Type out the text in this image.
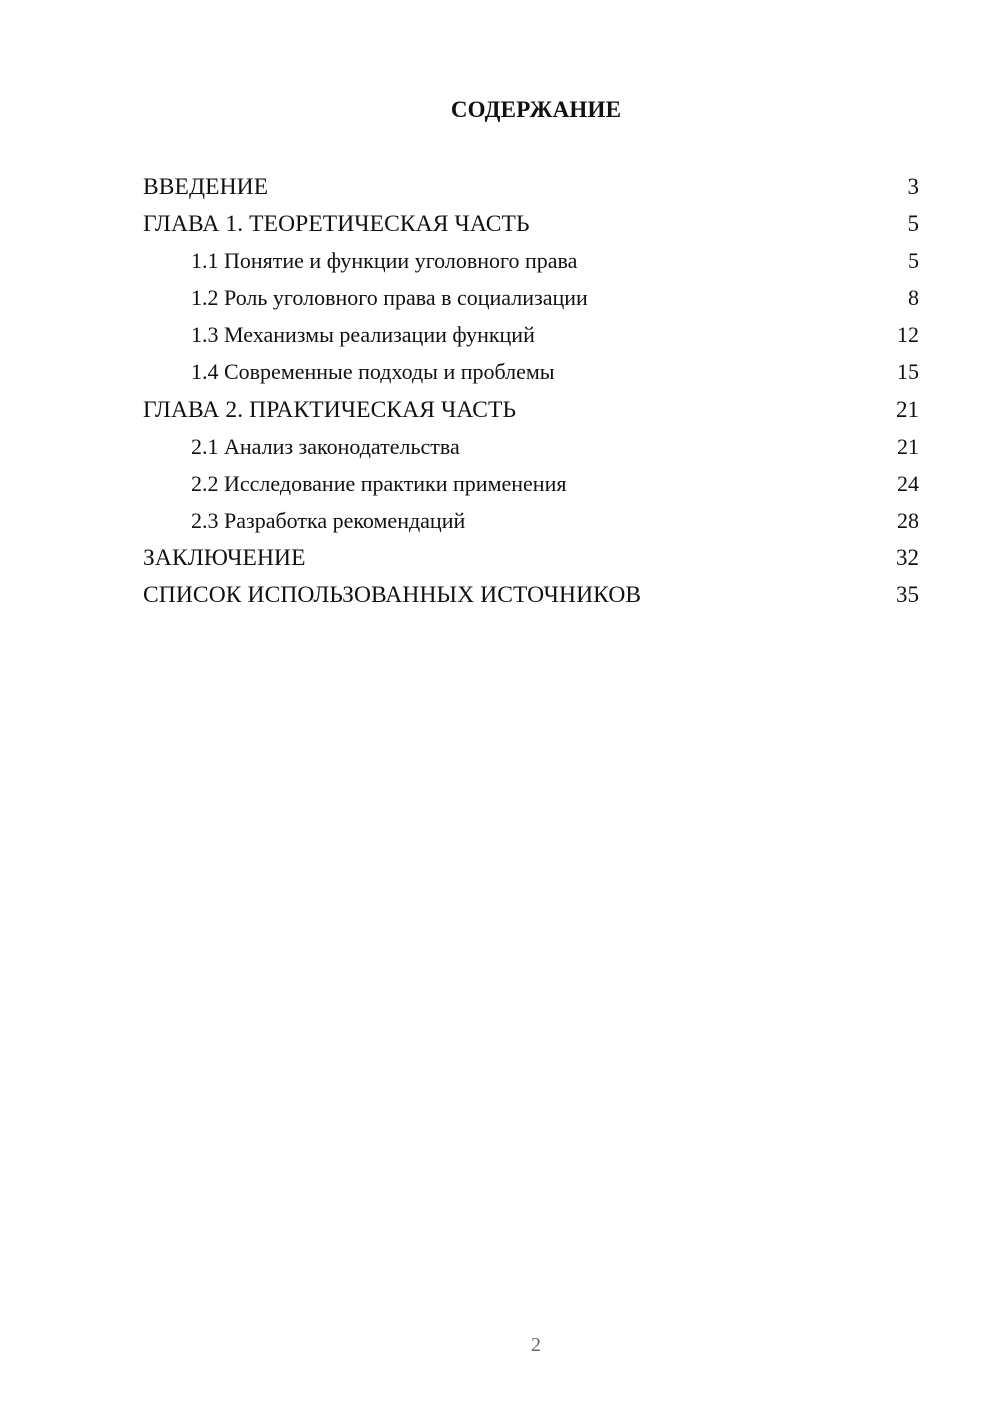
СОДЕРЖАНИЕ
ВВЕДЕНИЕ	3
ГЛАВА 1. ТЕОРЕТИЧЕСКАЯ ЧАСТЬ	5
1.1 Понятие и функции уголовного права	5
1.2 Роль уголовного права в социализации	8
1.3 Механизмы реализации функций	12
1.4 Современные подходы и проблемы	15
ГЛАВА 2. ПРАКТИЧЕСКАЯ ЧАСТЬ	21
2.1 Анализ законодательства	21
2.2 Исследование практики применения	24
2.3 Разработка рекомендаций	28
ЗАКЛЮЧЕНИЕ	32
СПИСОК ИСПОЛЬЗОВАННЫХ ИСТОЧНИКОВ	35
2
